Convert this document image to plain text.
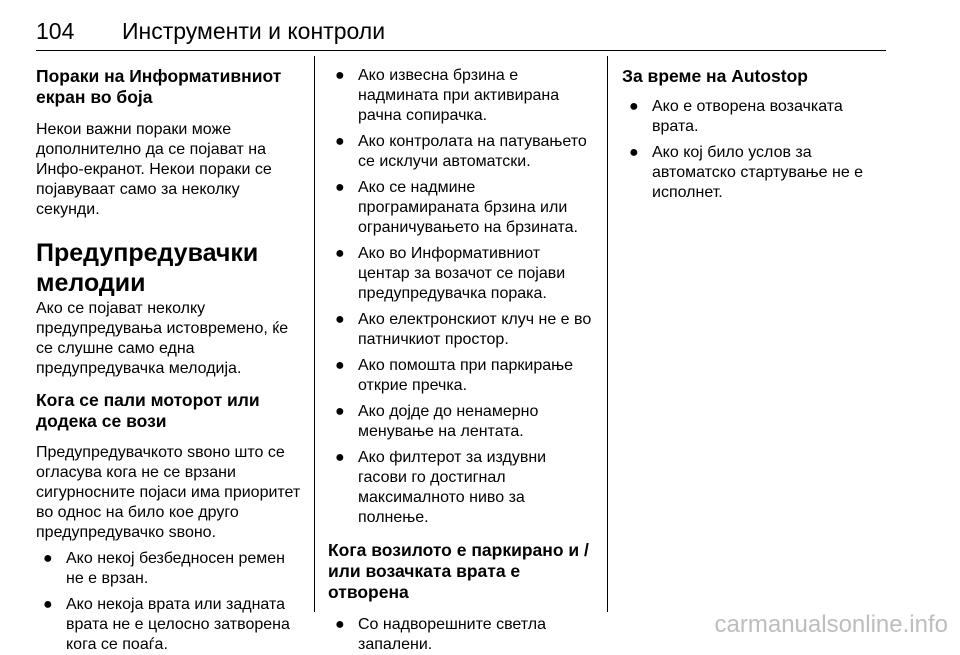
104 Инструменти и контроли
Пораки на Информативниот
екран во боја

Некои важни пораки може
дополнително да се појават на
Инфо-екранот. Некои пораки се
појавуваат само за неколку
секунди.

Предупредувачки
мелодии

Ако се појават неколку
предупредувања истовремено, ќе
се слушне само една
предупредувачка мелодија.

Кога се пали моторот или
додека се вози

Предупредувачкото ѕвоно што се
огласува кога не се врзани
сигурносните појаси има приоритет
во однос на било кое друго
предупредувачко ѕвоно.

● Ако некој безбедносен ремен
не е врзан.
● Ако некоја врата или задната
врата не е целосно затворена
кога се поаѓа.
● Ако извесна брзина е
надмината при активирана
рачна сопирачка.
● Ако контролата на патувањето
се исклучи автоматски.
● Ако се надмине
програмираната брзина или
ограничувањето на брзината.
● Ако во Информативниот
центар за возачот се појави
предупредувачка порака.
● Ако електронскиот клуч не е во
патничкиот простор.
● Ако помошта при паркирање
открие пречка.
● Ако дојде до ненамерно
менување на лентата.
● Ако филтерот за издувни
гасови го достигнал
максималното ниво за
полнење.
Кога возилото е паркирано и /
или возачката врата е отворена
● Со надворешните светла
запалени.
За време на Autostop
● Ако е отворена возачката
врата.
● Ако кој било услов за
автоматско стартување не е
исполнет.
carmanualsonline.info
